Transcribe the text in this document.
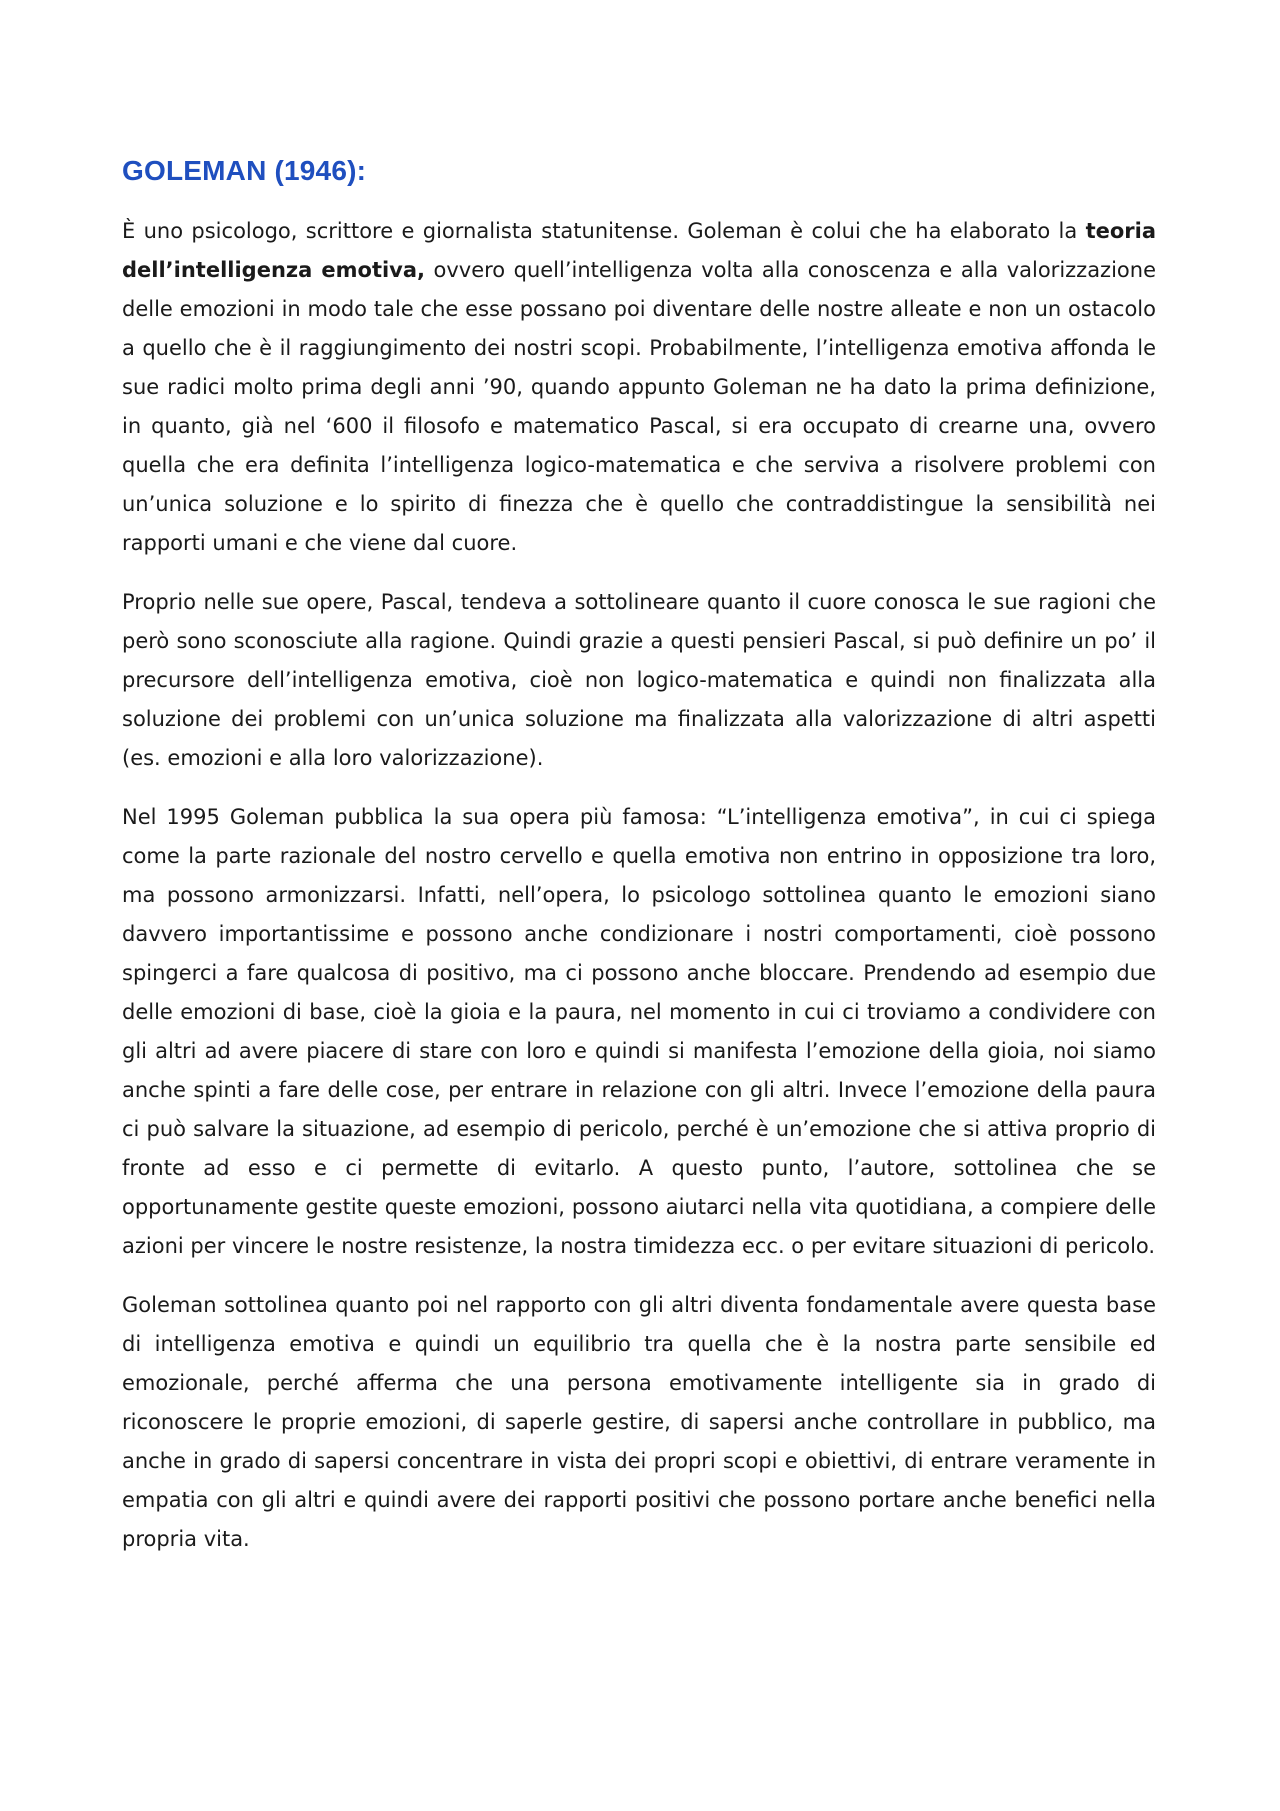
GOLEMAN (1946):

È uno psicologo, scrittore e giornalista statunitense. Goleman è colui che ha elaborato la teoria dell’intelligenza emotiva, ovvero quell’intelligenza volta alla conoscenza e alla valorizzazione delle emozioni in modo tale che esse possano poi diventare delle nostre alleate e non un ostacolo a quello che è il raggiungimento dei nostri scopi. Probabilmente, l’intelligenza emotiva affonda le sue radici molto prima degli anni ’90, quando appunto Goleman ne ha dato la prima definizione, in quanto, già nel ‘600 il filosofo e matematico Pascal, si era occupato di crearne una, ovvero quella che era definita l’intelligenza logico-matematica e che serviva a risolvere problemi con un’unica soluzione e lo spirito di finezza che è quello che contraddistingue la sensibilità nei rapporti umani e che viene dal cuore.

Proprio nelle sue opere, Pascal, tendeva a sottolineare quanto il cuore conosca le sue ragioni che però sono sconosciute alla ragione. Quindi grazie a questi pensieri Pascal, si può definire un po’ il precursore dell’intelligenza emotiva, cioè non logico-matematica e quindi non finalizzata alla soluzione dei problemi con un’unica soluzione ma finalizzata alla valorizzazione di altri aspetti (es. emozioni e alla loro valorizzazione).

Nel 1995 Goleman pubblica la sua opera più famosa: “L’intelligenza emotiva”, in cui ci spiega come la parte razionale del nostro cervello e quella emotiva non entrino in opposizione tra loro, ma possono armonizzarsi. Infatti, nell’opera, lo psicologo sottolinea quanto le emozioni siano davvero importantissime e possono anche condizionare i nostri comportamenti, cioè possono spingerci a fare qualcosa di positivo, ma ci possono anche bloccare. Prendendo ad esempio due delle emozioni di base, cioè la gioia e la paura, nel momento in cui ci troviamo a condividere con gli altri ad avere piacere di stare con loro e quindi si manifesta l’emozione della gioia, noi siamo anche spinti a fare delle cose, per entrare in relazione con gli altri. Invece l’emozione della paura ci può salvare la situazione, ad esempio di pericolo, perché è un’emozione che si attiva proprio di fronte ad esso e ci permette di evitarlo. A questo punto, l’autore, sottolinea che se opportunamente gestite queste emozioni, possono aiutarci nella vita quotidiana, a compiere delle azioni per vincere le nostre resistenze, la nostra timidezza ecc. o per evitare situazioni di pericolo.

Goleman sottolinea quanto poi nel rapporto con gli altri diventa fondamentale avere questa base di intelligenza emotiva e quindi un equilibrio tra quella che è la nostra parte sensibile ed emozionale, perché afferma che una persona emotivamente intelligente sia in grado di riconoscere le proprie emozioni, di saperle gestire, di sapersi anche controllare in pubblico, ma anche in grado di sapersi concentrare in vista dei propri scopi e obiettivi, di entrare veramente in empatia con gli altri e quindi avere dei rapporti positivi che possono portare anche benefici nella propria vita.
